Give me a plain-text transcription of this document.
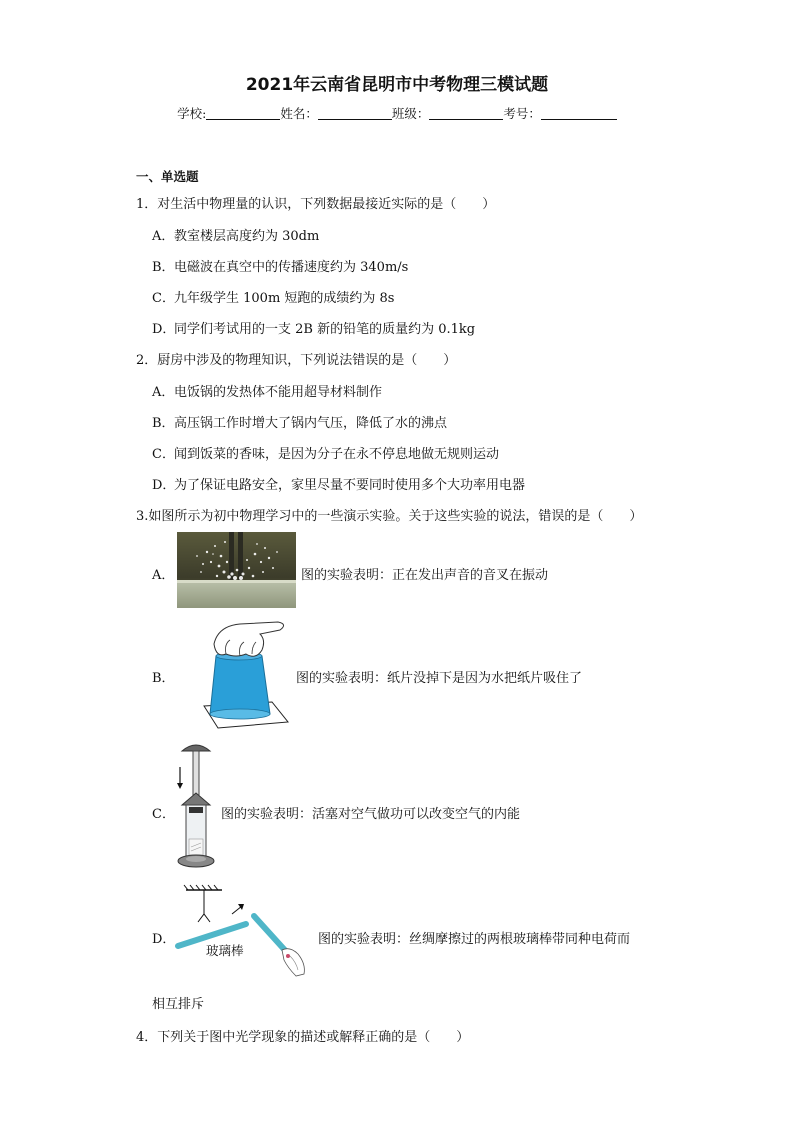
2021年云南省昆明市中考物理三模试题
学校:	姓名：	班级：	考号：
一、单选题
1．对生活中物理量的认识，下列数据最接近实际的是（　　）
A．教室楼层高度约为 30dm
B．电磁波在真空中的传播速度约为 340m/s
C．九年级学生 100m 短跑的成绩约为 8s
D．同学们考试用的一支 2B 新的铅笔的质量约为 0.1kg
2．厨房中涉及的物理知识，下列说法错误的是（　　）
A．电饭锅的发热体不能用超导材料制作
B．高压锅工作时增大了锅内气压，降低了水的沸点
C．闻到饭菜的香味，是因为分子在永不停息地做无规则运动
D．为了保证电路安全，家里尽量不要同时使用多个大功率用电器
3.如图所示为初中物理学习中的一些演示实验。关于这些实验的说法，错误的是（　　）
A．	图的实验表明：正在发出声音的音叉在振动
B．	图的实验表明：纸片没掉下是因为水把纸片吸住了
C．	图的实验表明：活塞对空气做功可以改变空气的内能
D．
玻璃棒
图的实验表明：丝绸摩擦过的两根玻璃棒带同种电荷而
相互排斥
4．下列关于图中光学现象的描述或解释正确的是（　　）
